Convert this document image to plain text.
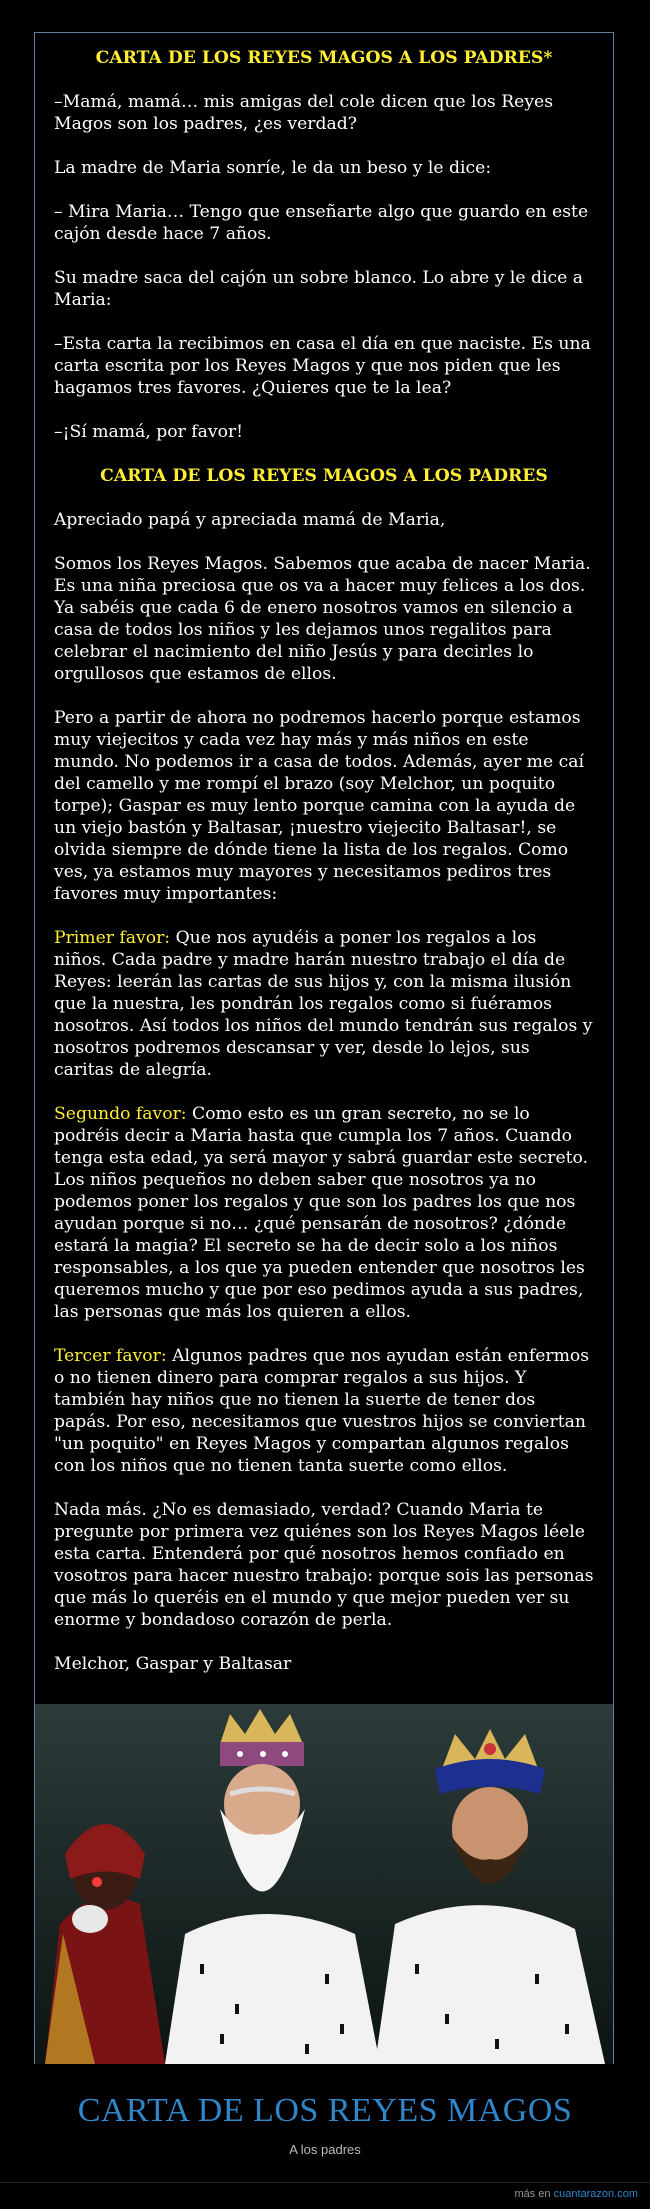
CARTA DE LOS REYES MAGOS A LOS PADRES*

–Mamá, mamá… mis amigas del cole dicen que los Reyes Magos son los padres, ¿es verdad?

La madre de Maria sonríe, le da un beso y le dice:

– Mira Maria… Tengo que enseñarte algo que guardo en este cajón desde hace 7 años.

Su madre saca del cajón un sobre blanco. Lo abre y le dice a Maria:

–Esta carta la recibimos en casa el día en que naciste. Es una carta escrita por los Reyes Magos y que nos piden que les hagamos tres favores. ¿Quieres que te la lea?

–¡Sí mamá, por favor!

CARTA DE LOS REYES MAGOS A LOS PADRES

Apreciado papá y apreciada mamá de Maria,

Somos los Reyes Magos. Sabemos que acaba de nacer Maria. Es una niña preciosa que os va a hacer muy felices a los dos. Ya sabéis que cada 6 de enero nosotros vamos en silencio a casa de todos los niños y les dejamos unos regalitos para celebrar el nacimiento del niño Jesús y para decirles lo orgullosos que estamos de ellos.

Pero a partir de ahora no podremos hacerlo porque estamos muy viejecitos y cada vez hay más y más niños en este mundo. No podemos ir a casa de todos. Además, ayer me caí del camello y me rompí el brazo (soy Melchor, un poquito torpe); Gaspar es muy lento porque camina con la ayuda de un viejo bastón y Baltasar, ¡nuestro viejecito Baltasar!, se olvida siempre de dónde tiene la lista de los regalos. Como ves, ya estamos muy mayores y necesitamos pediros tres favores muy importantes:

Primer favor: Que nos ayudéis a poner los regalos a los niños. Cada padre y madre harán nuestro trabajo el día de Reyes: leerán las cartas de sus hijos y, con la misma ilusión que la nuestra, les pondrán los regalos como si fuéramos nosotros. Así todos los niños del mundo tendrán sus regalos y nosotros podremos descansar y ver, desde lo lejos, sus caritas de alegría.

Segundo favor: Como esto es un gran secreto, no se lo podréis decir a Maria hasta que cumpla los 7 años. Cuando tenga esta edad, ya será mayor y sabrá guardar este secreto. Los niños pequeños no deben saber que nosotros ya no podemos poner los regalos y que son los padres los que nos ayudan porque si no… ¿qué pensarán de nosotros? ¿dónde estará la magia? El secreto se ha de decir solo a los niños responsables, a los que ya pueden entender que nosotros les queremos mucho y que por eso pedimos ayuda a sus padres, las personas que más los quieren a ellos.

Tercer favor: Algunos padres que nos ayudan están enfermos o no tienen dinero para comprar regalos a sus hijos. Y también hay niños que no tienen la suerte de tener dos papás. Por eso, necesitamos que vuestros hijos se conviertan "un poquito" en Reyes Magos y compartan algunos regalos con los niños que no tienen tanta suerte como ellos.

Nada más. ¿No es demasiado, verdad? Cuando Maria te pregunte por primera vez quiénes son los Reyes Magos léele esta carta. Entenderá por qué nosotros hemos confiado en vosotros para hacer nuestro trabajo: porque sois las personas que más lo queréis en el mundo y que mejor pueden ver su enorme y bondadoso corazón de perla.

Melchor, Gaspar y Baltasar

CARTA DE LOS REYES MAGOS
A los padres
más en cuantarazon.com
